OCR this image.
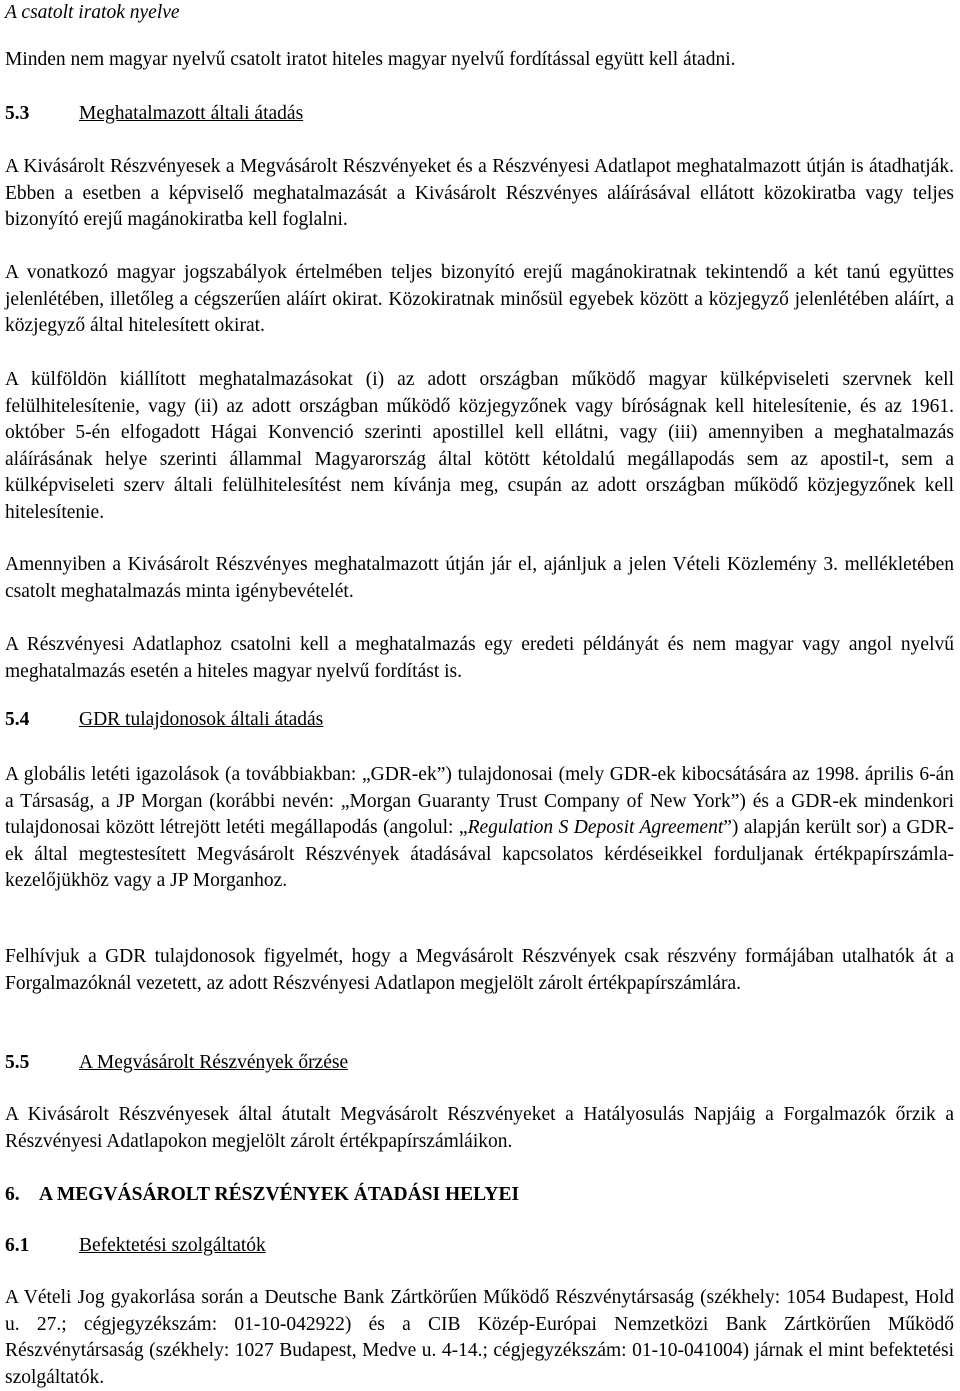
A csatolt iratok nyelve

Minden nem magyar nyelvű csatolt iratot hiteles magyar nyelvű fordítással együtt kell átadni.

5.3	Meghatalmazott általi átadás

A Kivásárolt Részvényesek a Megvásárolt Részvényeket és a Részvényesi Adatlapot meghatalmazott útján is átadhatják. Ebben a esetben a képviselő meghatalmazását a Kivásárolt Részvényes aláírásával ellátott közokiratba vagy teljes bizonyító erejű magánokiratba kell foglalni.

A vonatkozó magyar jogszabályok értelmében teljes bizonyító erejű magánokiratnak tekintendő a két tanú együttes jelenlétében, illetőleg a cégszerűen aláírt okirat. Közokiratnak minősül egyebek között a közjegyző jelenlétében aláírt, a közjegyző által hitelesített okirat.

A külföldön kiállított meghatalmazásokat (i) az adott országban működő magyar külképviseleti szervnek kell felülhitelesítenie, vagy (ii) az adott országban működő közjegyzőnek vagy bíróságnak kell hitelesítenie, és az 1961. október 5-én elfogadott Hágai Konvenció szerinti apostillel kell ellátni, vagy (iii) amennyiben a meghatalmazás aláírásának helye szerinti állammal Magyarország által kötött kétoldalú megállapodás sem az apostil-t, sem a külképviseleti szerv általi felülhitelesítést nem kívánja meg, csupán az adott országban működő közjegyzőnek kell hitelesítenie.

Amennyiben a Kivásárolt Részvényes meghatalmazott útján jár el, ajánljuk a jelen Vételi Közlemény 3. mellékletében csatolt meghatalmazás minta igénybevételét.

A Részvényesi Adatlaphoz csatolni kell a meghatalmazás egy eredeti példányát és nem magyar vagy angol nyelvű meghatalmazás esetén a hiteles magyar nyelvű fordítást is.

5.4	GDR tulajdonosok általi átadás

A globális letéti igazolások (a továbbiakban: „GDR-ek”) tulajdonosai (mely GDR-ek kibocsátására az 1998. április 6-án a Társaság, a JP Morgan (korábbi nevén: „Morgan Guaranty Trust Company of New York”) és a GDR-ek mindenkori tulajdonosai között létrejött letéti megállapodás (angolul: „Regulation S Deposit Agreement”) alapján került sor) a GDR-ek által megtestesített Megvásárolt Részvények átadásával kapcsolatos kérdéseikkel forduljanak értékpapírszámla-kezelőjükhöz vagy a JP Morganhoz.

Felhívjuk a GDR tulajdonosok figyelmét, hogy a Megvásárolt Részvények csak részvény formájában utalhatók át a Forgalmazóknál vezetett, az adott Részvényesi Adatlapon megjelölt zárolt értékpapírszámlára.

5.5	A Megvásárolt Részvények őrzése

A Kivásárolt Részvényesek által átutalt Megvásárolt Részvényeket a Hatályosulás Napjáig a Forgalmazók őrzik a Részvényesi Adatlapokon megjelölt zárolt értékpapírszámláikon.

6. A MEGVÁSÁROLT RÉSZVÉNYEK ÁTADÁSI HELYEI
6.1	Befektetési szolgáltatók

A Vételi Jog gyakorlása során a Deutsche Bank Zártkörűen Működő Részvénytársaság (székhely: 1054 Budapest, Hold u. 27.; cégjegyzékszám: 01-10-042922) és a CIB Közép-Európai Nemzetközi Bank Zártkörűen Működő Részvénytársaság (székhely: 1027 Budapest, Medve u. 4-14.; cégjegyzékszám: 01-10-041004) járnak el mint befektetési szolgáltatók.
